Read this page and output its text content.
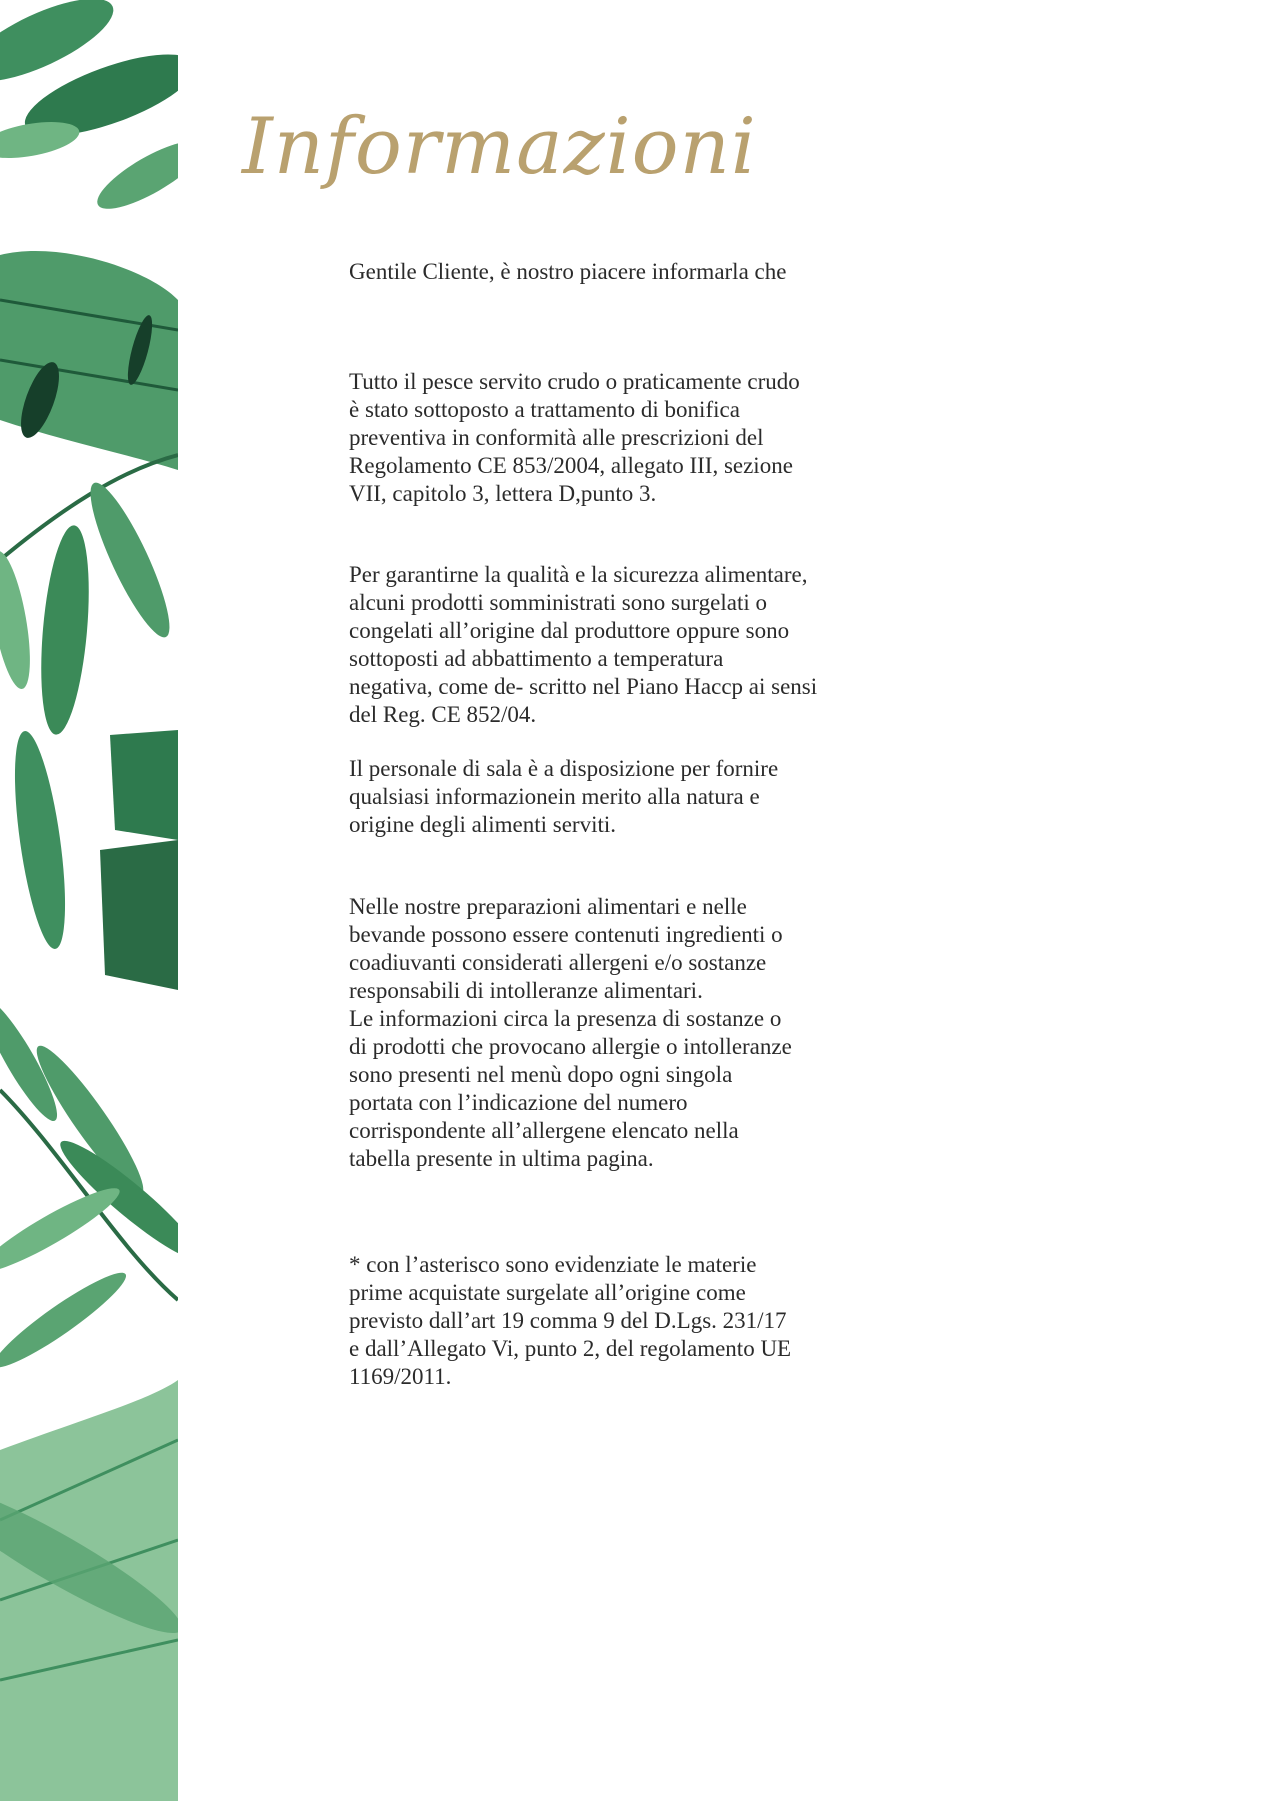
Informazioni

Gentile Cliente, è nostro piacere informarla che

Tutto il pesce servito crudo o praticamente crudo
è stato sottoposto a trattamento di bonifica
preventiva in conformità alle prescrizioni del
Regolamento CE 853/2004, allegato III, sezione
VII, capitolo 3, lettera D,punto 3.

Per garantirne la qualità e la sicurezza alimentare,
alcuni prodotti somministrati sono surgelati o
congelati all’origine dal produttore oppure sono
sottoposti ad abbattimento a temperatura
negativa, come de- scritto nel Piano Haccp ai sensi
del Reg. CE 852/04.

Il personale di sala è a disposizione per fornire
qualsiasi informazionein merito alla natura e
origine degli alimenti serviti.

Nelle nostre preparazioni alimentari e nelle
bevande possono essere contenuti ingredienti o
coadiuvanti considerati allergeni e/o sostanze
responsabili di intolleranze alimentari.
Le informazioni circa la presenza di sostanze o
di prodotti che provocano allergie o intolleranze
sono presenti nel menù dopo ogni singola
portata con l’indicazione del numero
corrispondente all’allergene elencato nella
tabella presente in ultima pagina.

* con l’asterisco sono evidenziate le materie
prime acquistate surgelate all’origine come
previsto dall’art 19 comma 9 del D.Lgs. 231/17
e dall’Allegato Vi, punto 2, del regolamento UE
1169/2011.
